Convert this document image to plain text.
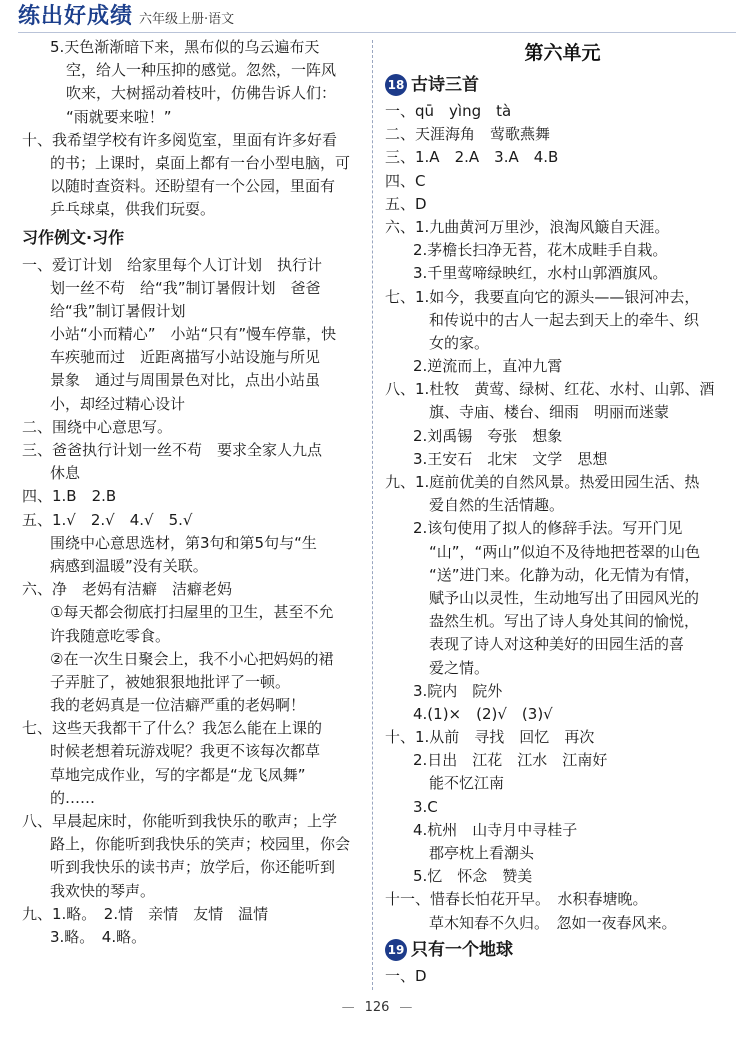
练出好成绩 六年级上册·语文
5.天色渐渐暗下来，黑布似的乌云遍布天
空，给人一种压抑的感觉。忽然，一阵风
吹来，大树摇动着枝叶，仿佛告诉人们：
“雨就要来啦！”
十、我希望学校有许多阅览室，里面有许多好看
的书；上课时，桌面上都有一台小型电脑，可
以随时查资料。还盼望有一个公园，里面有
乒乓球桌，供我们玩耍。
习作例文·习作
一、爱订计划　给家里每个人订计划　执行计
划一丝不苟　给“我”制订暑假计划　爸爸
给“我”制订暑假计划
小站“小而精心”　小站“只有”慢车停靠，快
车疾驰而过　近距离描写小站设施与所见
景象　通过与周围景色对比，点出小站虽
小，却经过精心设计
二、围绕中心意思写。
三、爸爸执行计划一丝不苟　要求全家人九点
休息
四、1.B　2.B
五、1.√　2.√　4.√　5.√
围绕中心意思选材，第3句和第5句与“生
病感到温暖”没有关联。
六、净　老妈有洁癖　洁癖老妈
①每天都会彻底打扫屋里的卫生，甚至不允
许我随意吃零食。
②在一次生日聚会上，我不小心把妈妈的裙
子弄脏了，被她狠狠地批评了一顿。
我的老妈真是一位洁癖严重的老妈啊！
七、这些天我都干了什么？我怎么能在上课的
时候老想着玩游戏呢？我更不该每次都草
草地完成作业，写的字都是“龙飞凤舞”
的……
八、早晨起床时，你能听到我快乐的歌声；上学
路上，你能听到我快乐的笑声；校园里，你会
听到我快乐的读书声；放学后，你还能听到
我欢快的琴声。
九、1.略。　2.情　亲情　友情　温情
3.略。　4.略。
第六单元
18 古诗三首
一、qū　yìng　tà
二、天涯海角　莺歌燕舞
三、1.A　2.A　3.A　4.B
四、C
五、D
六、1.九曲黄河万里沙，浪淘风簸自天涯。
2.茅檐长扫净无苔，花木成畦手自栽。
3.千里莺啼绿映红，水村山郭酒旗风。
七、1.如今，我要直向它的源头——银河冲去，
和传说中的古人一起去到天上的牵牛、织
女的家。
2.逆流而上，直冲九霄
八、1.杜牧　黄莺、绿树、红花、水村、山郭、酒
旗、寺庙、楼台、细雨　明丽而迷蒙
2.刘禹锡　夸张　想象
3.王安石　北宋　文学　思想
九、1.庭前优美的自然风景。热爱田园生活、热
爱自然的生活情趣。
2.该句使用了拟人的修辞手法。写开门见
“山”，“两山”似迫不及待地把苍翠的山色
“送”进门来。化静为动，化无情为有情，
赋予山以灵性，生动地写出了田园风光的
盎然生机。写出了诗人身处其间的愉悦，
表现了诗人对这种美好的田园生活的喜
爱之情。
3.院内　院外
4.(1)×　(2)√　(3)√
十、1.从前　寻找　回忆　再次
2.日出　江花　江水　江南好
能不忆江南
3.C
4.杭州　山寺月中寻桂子
郡亭枕上看潮头
5.忆　怀念　赞美
十一、惜春长怕花开早。　水积春塘晚。
草木知春不久归。　忽如一夜春风来。
19 只有一个地球
一、D
— 126 —
